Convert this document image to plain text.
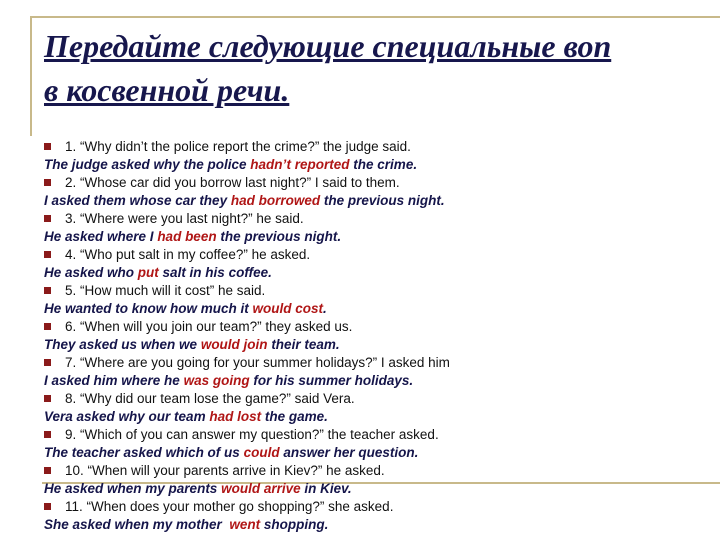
Передайте следующие специальные воп
в косвенной речи.
1. “Why didn’t the police report the crime?” the judge said.
The judge asked why the police hadn’t reported the crime.
2. “Whose car did you borrow last night?” I said to them.
I asked them whose car they had borrowed the previous night.
3. “Where were you last night?” he said.
He asked where I had been the previous night.
4. “Who put salt in my coffee?” he asked.
He asked who put salt in his coffee.
5. “How much will it cost” he said.
He wanted to know how much it would cost.
6. “When will you join our team?” they asked us.
They asked us when we would join their team.
7. “Where are you going for your summer holidays?” I asked him
I asked him where he was going for his summer holidays.
8. “Why did our team lose the game?” said Vera.
Vera asked why our team had lost the game.
9. “Which of you can answer my question?” the teacher asked.
The teacher asked which of us could answer her question.
10. “When will your parents arrive in Kiev?” he asked.
He asked when my parents would arrive in Kiev.
11. “When does your mother go shopping?” she asked.
She asked when my mother  went shopping.
